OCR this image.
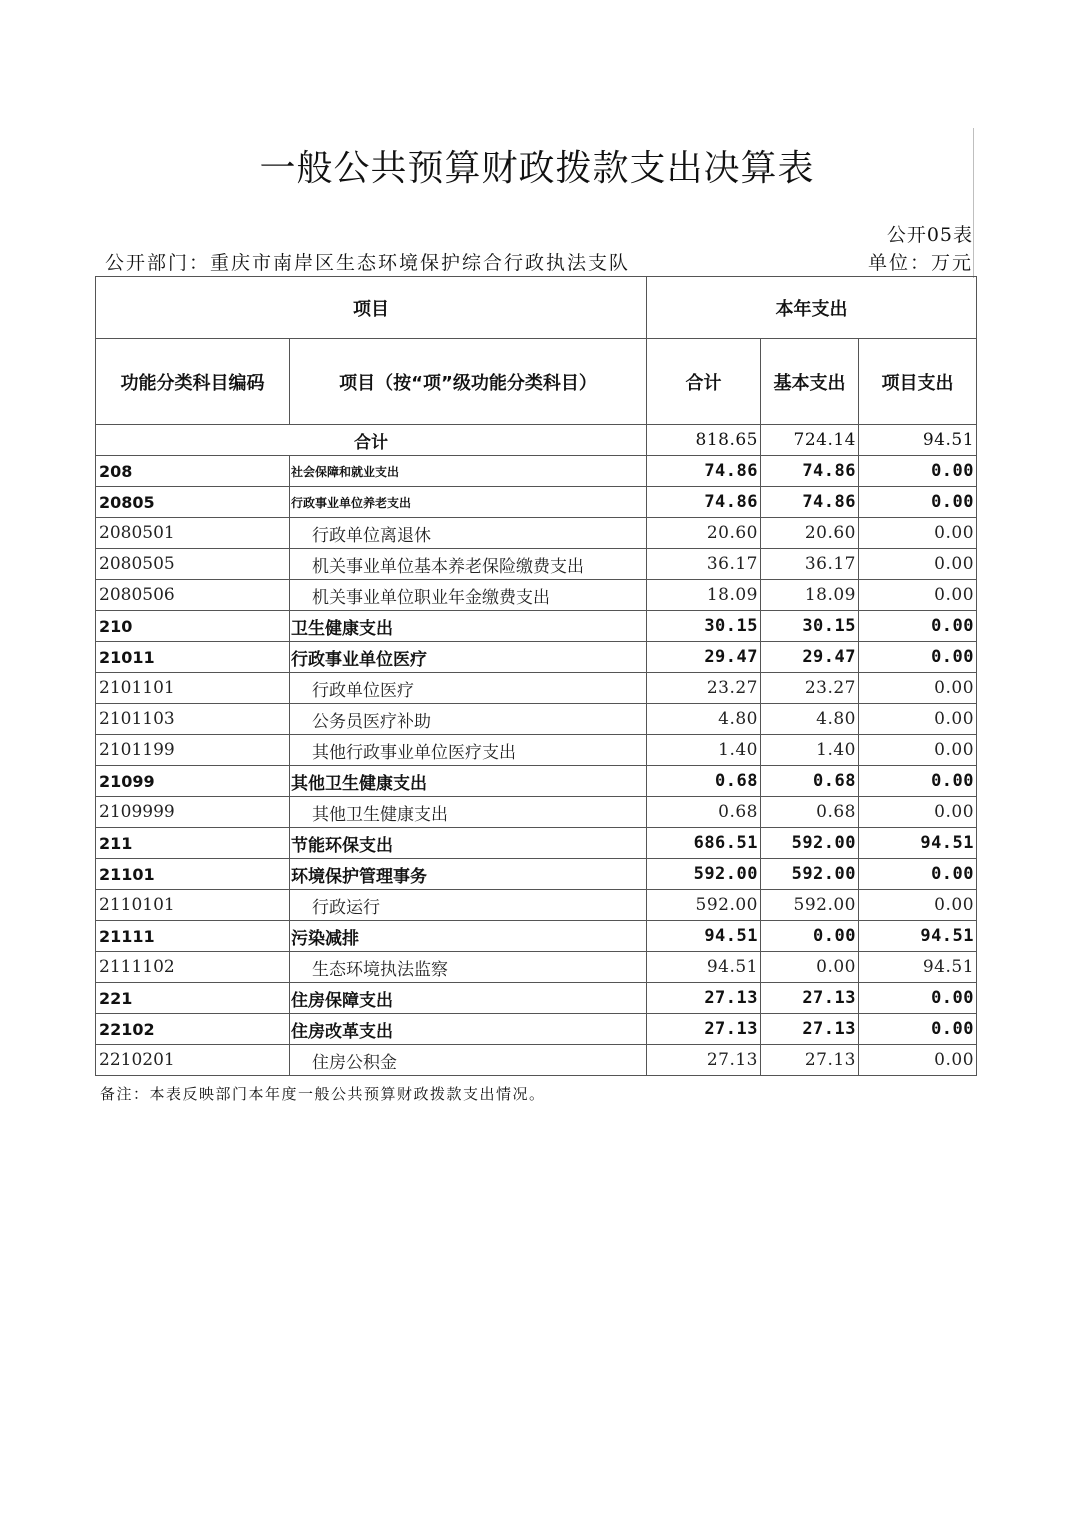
一般公共预算财政拨款支出决算表
公开05表
公开部门：重庆市南岸区生态环境保护综合行政执法支队	单位：万元
项目		本年支出		
功能分类科目编码	项目（按“项”级功能分类科目）	合计	基本支出	项目支出
合计		818.65	724.14	94.51
208	社会保障和就业支出	74.86	74.86	0.00
20805	行政事业单位养老支出	74.86	74.86	0.00
2080501	行政单位离退休	20.60	20.60	0.00
2080505	机关事业单位基本养老保险缴费支出	36.17	36.17	0.00
2080506	机关事业单位职业年金缴费支出	18.09	18.09	0.00
210	卫生健康支出	30.15	30.15	0.00
21011	行政事业单位医疗	29.47	29.47	0.00
2101101	行政单位医疗	23.27	23.27	0.00
2101103	公务员医疗补助	4.80	4.80	0.00
2101199	其他行政事业单位医疗支出	1.40	1.40	0.00
21099	其他卫生健康支出	0.68	0.68	0.00
2109999	其他卫生健康支出	0.68	0.68	0.00
211	节能环保支出	686.51	592.00	94.51
21101	环境保护管理事务	592.00	592.00	0.00
2110101	行政运行	592.00	592.00	0.00
21111	污染减排	94.51	0.00	94.51
2111102	生态环境执法监察	94.51	0.00	94.51
221	住房保障支出	27.13	27.13	0.00
22102	住房改革支出	27.13	27.13	0.00
2210201	住房公积金	27.13	27.13	0.00
备注：本表反映部门本年度一般公共预算财政拨款支出情况。
